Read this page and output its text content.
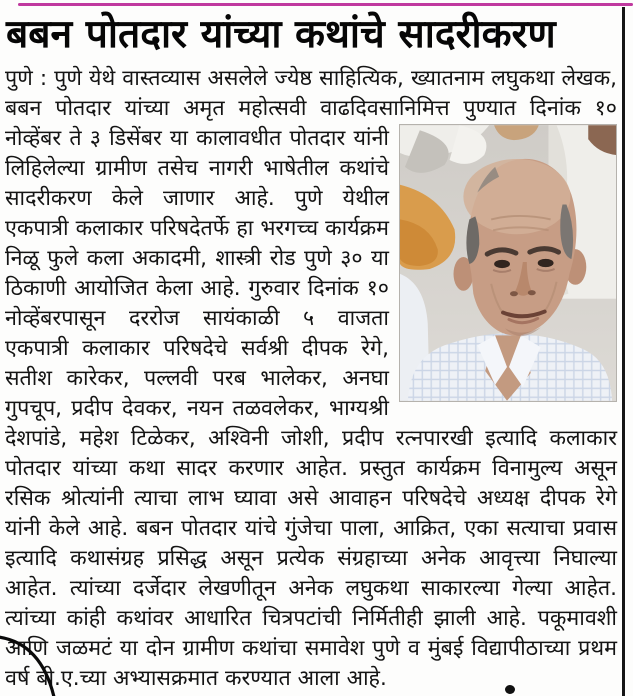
बबन पोतदार यांच्या कथांचे सादरीकरण
पुणे : पुणे येथे वास्तव्यास असलेले ज्येष्ठ साहित्यिक, ख्यातनाम लघुकथा लेखक, बबन पोतदार यांच्या अमृत महोत्सवी वाढदिवसानिमित्त पुण्यात दिनांक १० नोव्हेंबर ते ३ डिसेंबर या कालावधीत पोतदार यांनी लिहिलेल्या ग्रामीण तसेच नागरी भाषेतील कथांचे सादरीकरण केले जाणार आहे. पुणे येथील एकपात्री कलाकार परिषदेतर्फे हा भरगच्च कार्यक्रम निळू फुले कला अकादमी, शास्त्री रोड पुणे ३० या ठिकाणी आयोजित केला आहे. गुरुवार दिनांक १० नोव्हेंबरपासून दररोज सायंकाळी ५ वाजता एकपात्री कलाकार परिषदेचे सर्वश्री दीपक रेगे, सतीश कारेकर, पल्लवी परब भालेकर, अनघा गुपचूप, प्रदीप देवकर, नयन तळवलेकर, भाग्यश्री देशपांडे, महेश टिळेकर, अश्विनी जोशी, प्रदीप रत्नपारखी इत्यादि कलाकार पोतदार यांच्या कथा सादर करणार आहेत. प्रस्तुत कार्यक्रम विनामुल्य असून रसिक श्रोत्यांनी त्याचा लाभ घ्यावा असे आवाहन परिषदेचे अध्यक्ष दीपक रेगे यांनी केले आहे. बबन पोतदार यांचे गुंजेचा पाला, आक्रित, एका सत्याचा प्रवास इत्यादि कथासंग्रह प्रसिद्ध असून प्रत्येक संग्रहाच्या अनेक आवृत्त्या निघाल्या आहेत. त्यांच्या दर्जेदार लेखणीतून अनेक लघुकथा साकारल्या गेल्या आहेत. त्यांच्या कांही कथांवर आधारित चित्रपटांची निर्मितीही झाली आहे. पकूमावशी आणि जळमटं या दोन ग्रामीण कथांचा समावेश पुणे व मुंबई विद्यापीठाच्या प्रथम वर्ष बी.ए.च्या अभ्यासक्रमात करण्यात आला आहे.
